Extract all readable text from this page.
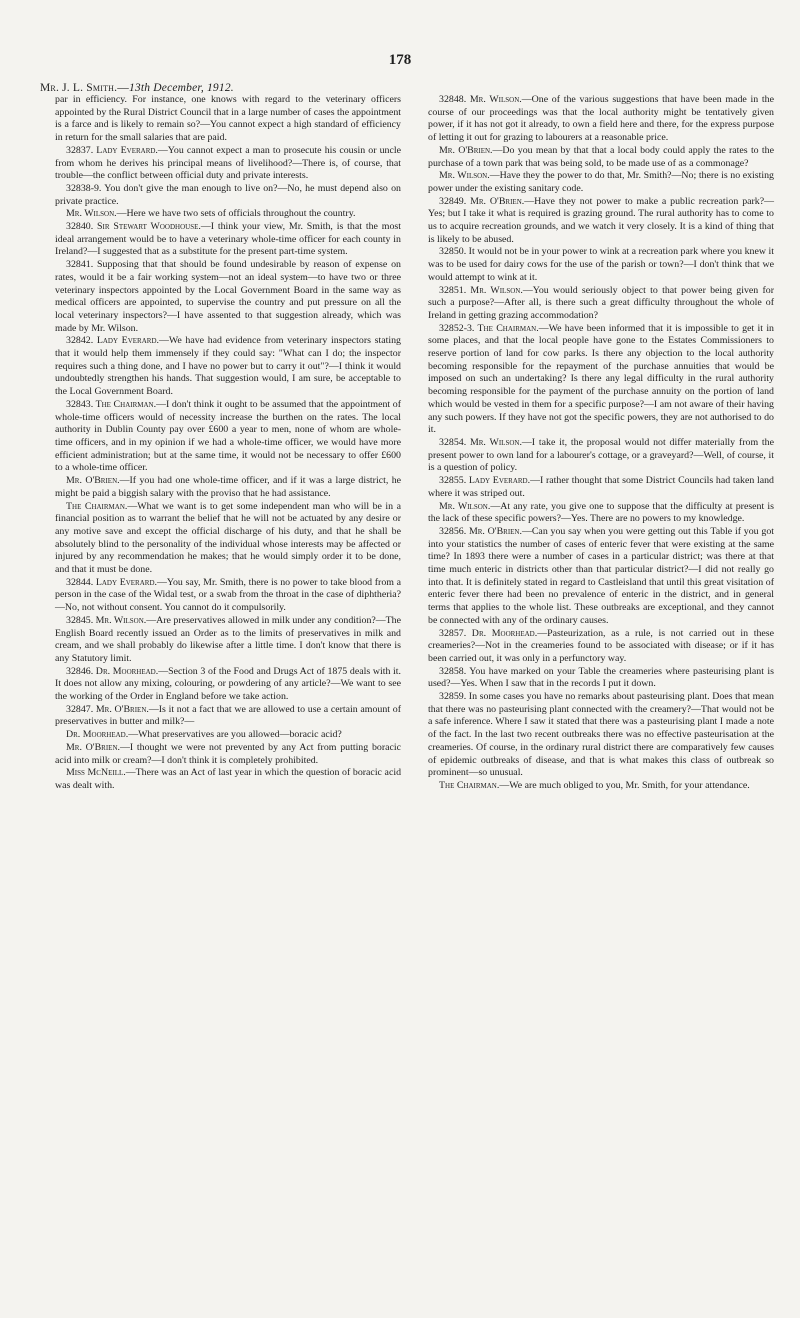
Mr. J. L. Smith.—13th December, 1912.
178

par in efficiency. For instance, one knows with regard to the veterinary officers appointed by the Rural District Council that in a large number of cases the appointment is a farce and is likely to remain so?—You cannot expect a high standard of efficiency in return for the small salaries that are paid.

32837. Lady Everard.—You cannot expect a man to prosecute his cousin or uncle from whom he derives his principal means of livelihood?—There is, of course, that trouble—the conflict between official duty and private interests.

32838-9. You don't give the man enough to live on?—No, he must depend also on private practice.

Mr. Wilson.—Here we have two sets of officials throughout the country.

32840. Sir Stewart Woodhouse.—I think your view, Mr. Smith, is that the most ideal arrangement would be to have a veterinary whole-time officer for each county in Ireland?—I suggested that as a substitute for the present part-time system.

32841. Supposing that that should be found undesirable by reason of expense on rates, would it be a fair working system—not an ideal system—to have two or three veterinary inspectors appointed by the Local Government Board in the same way as medical officers are appointed, to supervise the country and put pressure on all the local veterinary inspectors?—I have assented to that suggestion already, which was made by Mr. Wilson.

32842. Lady Everard.—We have had evidence from veterinary inspectors stating that it would help them immensely if they could say: "What can I do; the inspector requires such a thing done, and I have no power but to carry it out"?—I think it would undoubtedly strengthen his hands. That suggestion would, I am sure, be acceptable to the Local Government Board.

32843. The Chairman.—I don't think it ought to be assumed that the appointment of whole-time officers would of necessity increase the burthen on the rates. The local authority in Dublin County pay over £600 a year to men, none of whom are whole-time officers, and in my opinion if we had a whole-time officer, we would have more efficient administration; but at the same time, it would not be necessary to offer £600 to a whole-time officer.

Mr. O'Brien.—If you had one whole-time officer, and if it was a large district, he might be paid a biggish salary with the proviso that he had assistance.

The Chairman.—What we want is to get some independent man who will be in a financial position as to warrant the belief that he will not be actuated by any desire or any motive save and except the official discharge of his duty, and that he shall be absolutely blind to the personality of the individual whose interests may be affected or injured by any recommendation he makes; that he would simply order it to be done, and that it must be done.

32844. Lady Everard.—You say, Mr. Smith, there is no power to take blood from a person in the case of the Widal test, or a swab from the throat in the case of diphtheria?—No, not without consent. You cannot do it compulsorily.

32845. Mr. Wilson.—Are preservatives allowed in milk under any condition?—The English Board recently issued an Order as to the limits of preservatives in milk and cream, and we shall probably do likewise after a little time. I don't know that there is any Statutory limit.

32846. Dr. Moorhead.—Section 3 of the Food and Drugs Act of 1875 deals with it. It does not allow any mixing, colouring, or powdering of any article?—We want to see the working of the Order in England before we take action.

32847. Mr. O'Brien.—Is it not a fact that we are allowed to use a certain amount of preservatives in butter and milk?—

Dr. Moorhead.—What preservatives are you allowed—boracic acid?

Mr. O'Brien.—I thought we were not prevented by any Act from putting boracic acid into milk or cream?—I don't think it is completely prohibited.

Miss McNeill.—There was an Act of last year in which the question of boracic acid was dealt with.

32848. Mr. Wilson.—One of the various suggestions that have been made in the course of our proceedings was that the local authority might be tentatively given power, if it has not got it already, to own a field here and there, for the express purpose of letting it out for grazing to labourers at a reasonable price.

Mr. O'Brien.—Do you mean by that that a local body could apply the rates to the purchase of a town park that was being sold, to be made use of as a commonage?

Mr. Wilson.—Have they the power to do that, Mr. Smith?—No; there is no existing power under the existing sanitary code.

32849. Mr. O'Brien.—Have they not power to make a public recreation park?—Yes; but I take it what is required is grazing ground. The rural authority has to come to us to acquire recreation grounds, and we watch it very closely. It is a kind of thing that is likely to be abused.

32850. It would not be in your power to wink at a recreation park where you knew it was to be used for dairy cows for the use of the parish or town?—I don't think that we would attempt to wink at it.

32851. Mr. Wilson.—You would seriously object to that power being given for such a purpose?—After all, is there such a great difficulty throughout the whole of Ireland in getting grazing accommodation?

32852-3. The Chairman.—We have been informed that it is impossible to get it in some places, and that the local people have gone to the Estates Commissioners to reserve portion of land for cow parks. Is there any objection to the local authority becoming responsible for the repayment of the purchase annuities that would be imposed on such an undertaking? Is there any legal difficulty in the rural authority becoming responsible for the payment of the purchase annuity on the portion of land which would be vested in them for a specific purpose?—I am not aware of their having any such powers. If they have not got the specific powers, they are not authorised to do it.

32854. Mr. Wilson.—I take it, the proposal would not differ materially from the present power to own land for a labourer's cottage, or a graveyard?—Well, of course, it is a question of policy.

32855. Lady Everard.—I rather thought that some District Councils had taken land where it was striped out.

Mr. Wilson.—At any rate, you give one to suppose that the difficulty at present is the lack of these specific powers?—Yes. There are no powers to my knowledge.

32856. Mr. O'Brien.—Can you say when you were getting out this Table if you got into your statistics the number of cases of enteric fever that were existing at the same time? In 1893 there were a number of cases in a particular district; was there at that time much enteric in districts other than that particular district?—I did not really go into that. It is definitely stated in regard to Castleisland that until this great visitation of enteric fever there had been no prevalence of enteric in the district, and in general terms that applies to the whole list. These outbreaks are exceptional, and they cannot be connected with any of the ordinary causes.

32857. Dr. Moorhead.—Pasteurization, as a rule, is not carried out in these creameries?—Not in the creameries found to be associated with disease; or if it has been carried out, it was only in a perfunctory way.

32858. You have marked on your Table the creameries where pasteurising plant is used?—Yes. When I saw that in the records I put it down.

32859. In some cases you have no remarks about pasteurising plant. Does that mean that there was no pasteurising plant connected with the creamery?—That would not be a safe inference. Where I saw it stated that there was a pasteurising plant I made a note of the fact. In the last two recent outbreaks there was no effective pasteurisation at the creameries. Of course, in the ordinary rural district there are comparatively few causes of epidemic outbreaks of disease, and that is what makes this class of outbreak so prominent—so unusual.

The Chairman.—We are much obliged to you, Mr. Smith, for your attendance.
